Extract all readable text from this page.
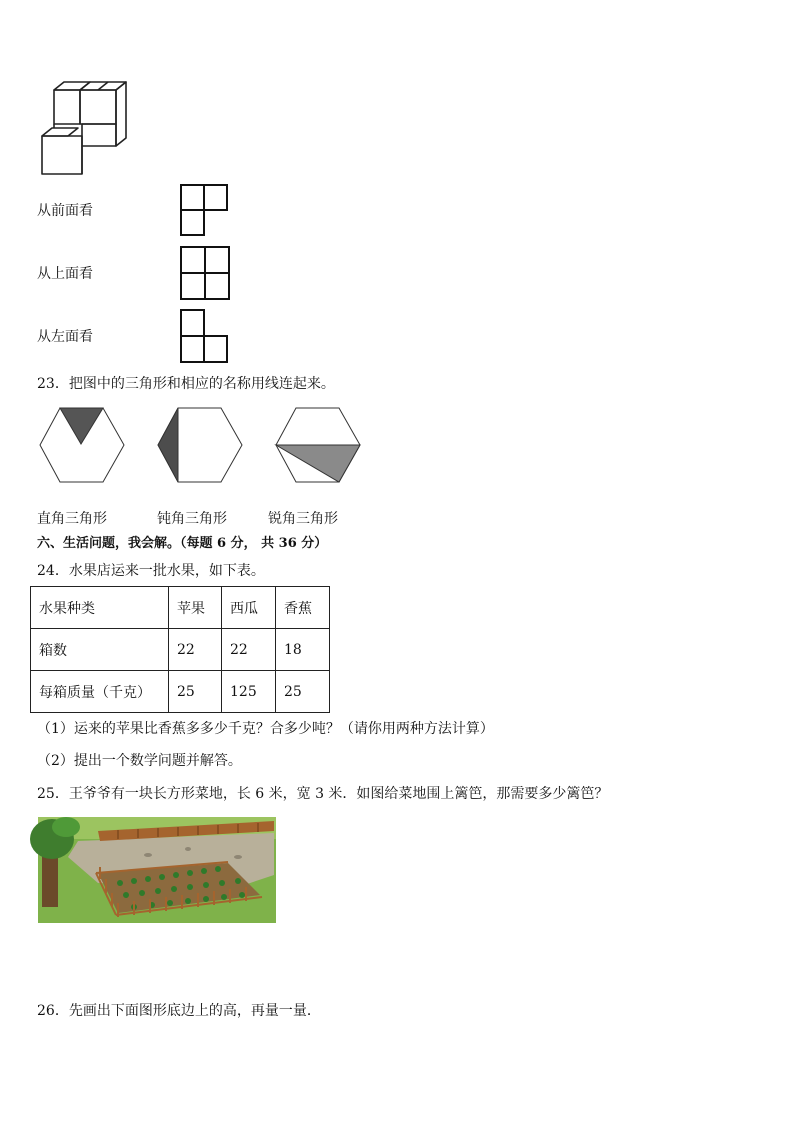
从前面看
从上面看
从左面看
23．把图中的三角形和相应的名称用线连起来。
直角三角形	钝角三角形	锐角三角形
六、生活问题，我会解。（每题 6 分， 共 36 分）
24．水果店运来一批水果，如下表。
水果种类	苹果	西瓜	香蕉
箱数	22	22	18
每箱质量（千克）	25	125	25
（1）运来的苹果比香蕉多多少千克？合多少吨？（请你用两种方法计算）
（2）提出一个数学问题并解答。
25．王爷爷有一块长方形菜地，长 6 米，宽 3 米．如图给菜地围上篱笆，那需要多少篱笆？
26．先画出下面图形底边上的高，再量一量．
